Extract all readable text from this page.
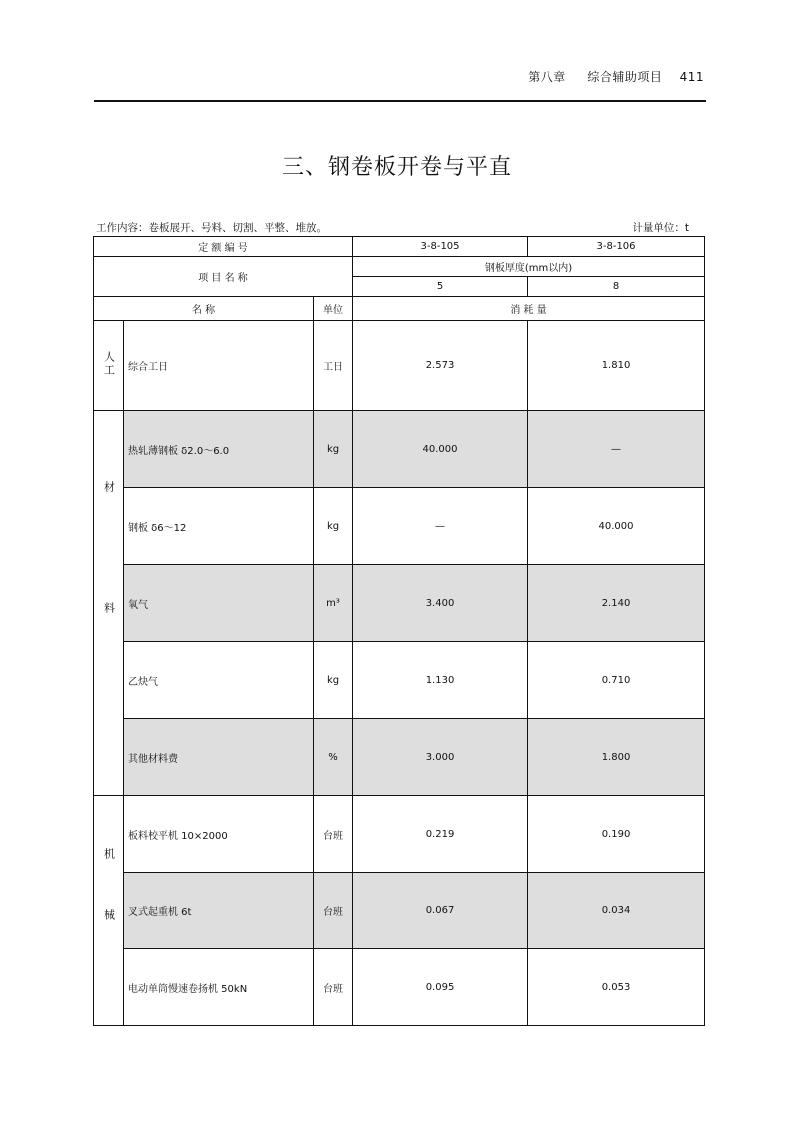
第八章 综合辅助项目 411
三、钢卷板开卷与平直
工作内容：卷板展开、号料、切割、平整、堆放。	计量单位：t
定 额 编 号			3-8-105	3-8-106
项 目 名 称			钢板厚度(mm以内)	
			5	8
名 称		单位	消 耗 量	
人工	综合工日	工日	2.573	1.810
材料	热轧薄钢板 δ2.0～6.0	kg	40.000	—
	钢板 δ6～12	kg	—	40.000
	氧气	m³	3.400	2.140
	乙炔气	kg	1.130	0.710
	其他材料费	%	3.000	1.800
机械	板料校平机 10×2000	台班	0.219	0.190
	叉式起重机 6t	台班	0.067	0.034
	电动单筒慢速卷扬机 50kN	台班	0.095	0.053
